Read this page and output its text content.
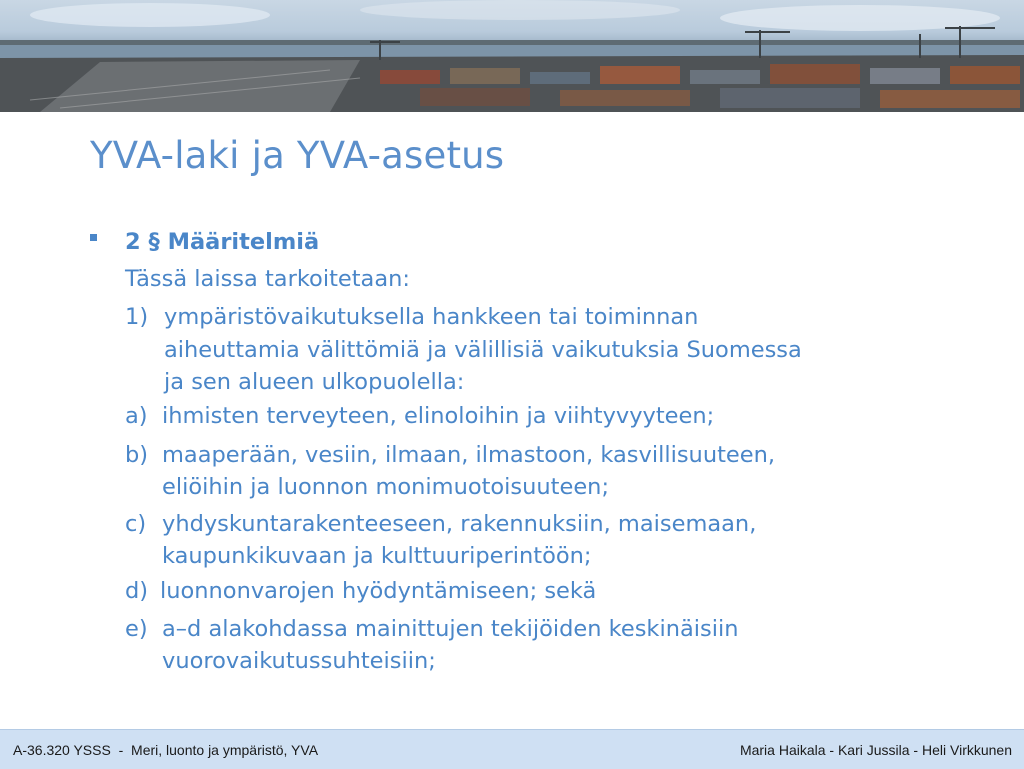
YVA-laki ja YVA-asetus
2 § Määritelmiä
Tässä laissa tarkoitetaan:
1) ympäristövaikutuksella hankkeen tai toiminnan
aiheuttamia välittömiä ja välillisiä vaikutuksia Suomessa
ja sen alueen ulkopuolella:
a) ihmisten terveyteen, elinoloihin ja viihtyvyyteen;
b) maaperään, vesiin, ilmaan, ilmastoon, kasvillisuuteen,
eliöihin ja luonnon monimuotoisuuteen;
c) yhdyskuntarakenteeseen, rakennuksiin, maisemaan,
kaupunkikuvaan ja kulttuuriperintöön;
d) luonnonvarojen hyödyntämiseen; sekä
e) a–d alakohdassa mainittujen tekijöiden keskinäisiin
vuorovaikutussuhteisiin;
A-36.320 YSSS  -  Meri, luonto ja ympäristö, YVA	Maria Haikala - Kari Jussila - Heli Virkkunen
